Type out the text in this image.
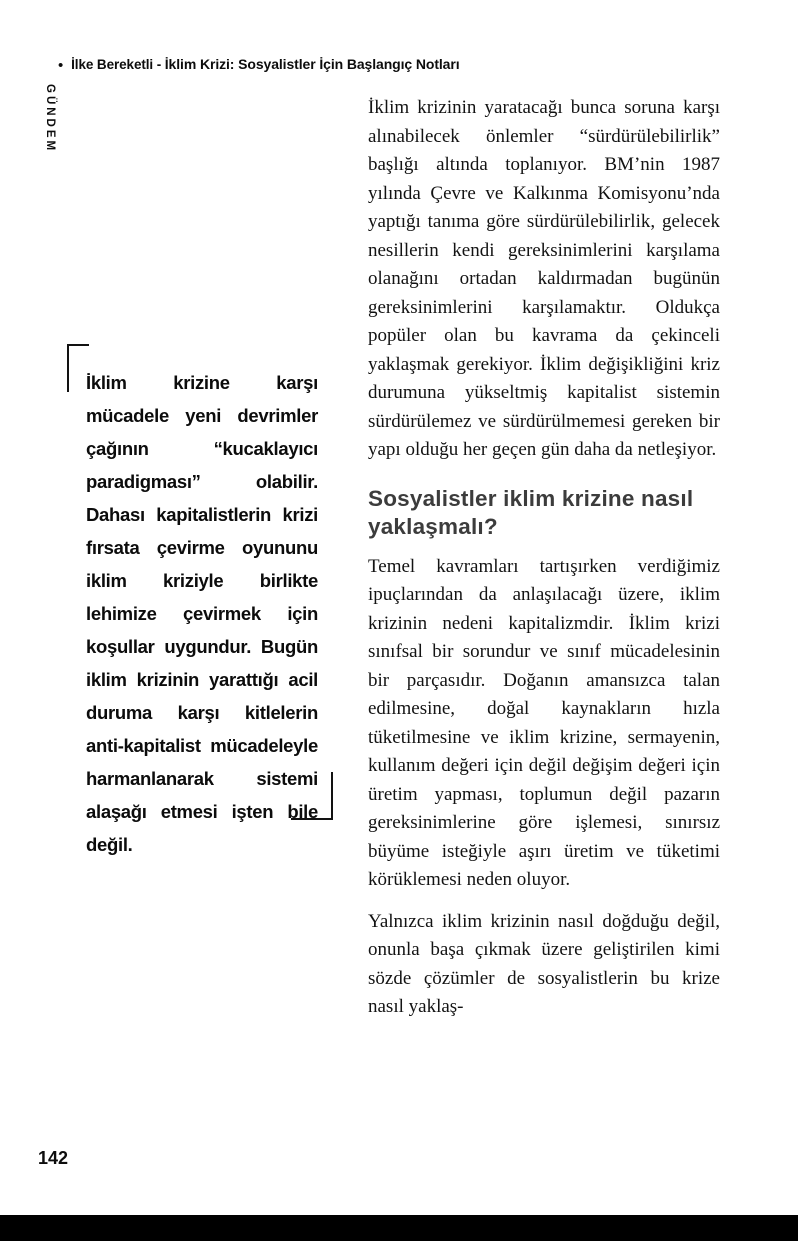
• İlke Bereketli - İklim Krizi: Sosyalistler İçin Başlangıç Notları
GÜNDEM
İklim krizine karşı mücadele yeni devrimler çağının “kucaklayıcı paradigması” olabilir. Dahası kapitalistlerin krizi fırsata çevirme oyununu iklim kriziyle birlikte lehimize çevirmek için koşullar uygundur. Bugün iklim krizinin yarattığı acil duruma karşı kitlelerin anti-kapitalist mücadeleyle harmanlanarak sistemi alaşağı etmesi işten bile değil.

İklim krizinin yaratacağı bunca soruna karşı alınabilecek önlemler “sürdürülebilirlik” başlığı altında toplanıyor. BM’nin 1987 yılında Çevre ve Kalkınma Komisyonu’nda yaptığı tanıma göre sürdürülebilirlik, gelecek nesillerin kendi gereksinimlerini karşılama olanağını ortadan kaldırmadan bugünün gereksinimlerini karşılamaktır. Oldukça popüler olan bu kavrama da çekinceli yaklaşmak gerekiyor. İklim değişikliğini kriz durumuna yükseltmiş kapitalist sistemin sürdürülemez ve sürdürülmemesi gereken bir yapı olduğu her geçen gün daha da netleşiyor.

Sosyalistler iklim krizine nasıl yaklaşmalı?

Temel kavramları tartışırken verdiğimiz ipuçlarından da anlaşılacağı üzere, iklim krizinin nedeni kapitalizmdir. İklim krizi sınıfsal bir sorundur ve sınıf mücadelesinin bir parçasıdır. Doğanın amansızca talan edilmesine, doğal kaynakların hızla tüketilmesine ve iklim krizine, sermayenin, kullanım değeri için değil değişim değeri için üretim yapması, toplumun değil pazarın gereksinimlerine göre işlemesi, sınırsız büyüme isteğiyle aşırı üretim ve tüketimi körüklemesi neden oluyor.

Yalnızca iklim krizinin nasıl doğduğu değil, onunla başa çıkmak üzere geliştirilen kimi sözde çözümler de sosyalistlerin bu krize nasıl yaklaş-

142
